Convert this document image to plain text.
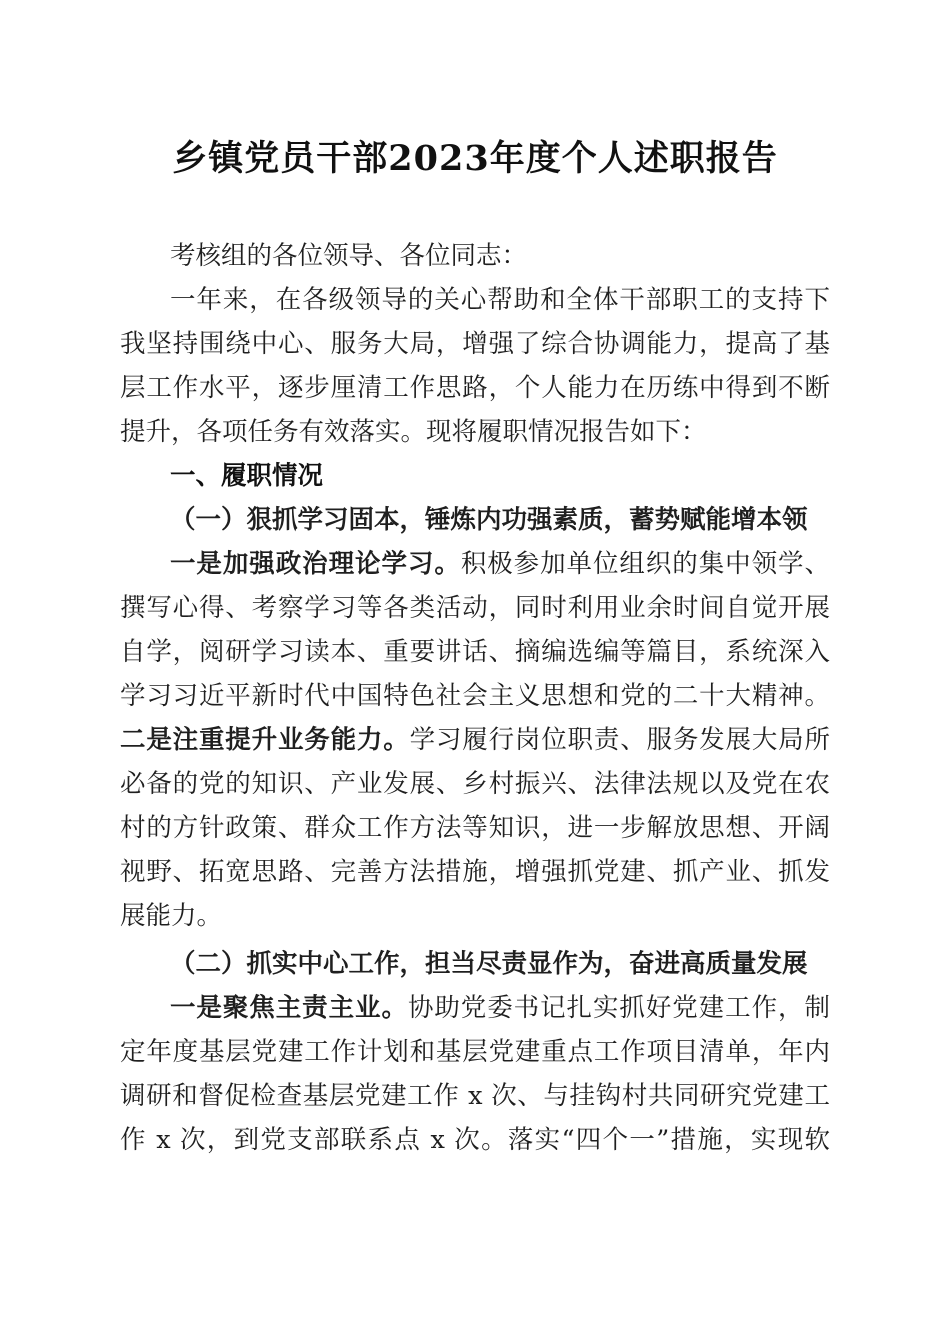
乡镇党员干部2023年度个人述职报告
考核组的各位领导、各位同志：
一年来，在各级领导的关心帮助和全体干部职工的支持下
我坚持围绕中心、服务大局，增强了综合协调能力，提高了基
层工作水平，逐步厘清工作思路，个人能力在历练中得到不断
提升，各项任务有效落实。现将履职情况报告如下：
一、履职情况
（一）狠抓学习固本，锤炼内功强素质，蓄势赋能增本领
一是加强政治理论学习。积极参加单位组织的集中领学、
撰写心得、考察学习等各类活动，同时利用业余时间自觉开展
自学，阅研学习读本、重要讲话、摘编选编等篇目，系统深入
学习习近平新时代中国特色社会主义思想和党的二十大精神。
二是注重提升业务能力。学习履行岗位职责、服务发展大局所
必备的党的知识、产业发展、乡村振兴、法律法规以及党在农
村的方针政策、群众工作方法等知识，进一步解放思想、开阔
视野、拓宽思路、完善方法措施，增强抓党建、抓产业、抓发
展能力。
（二）抓实中心工作，担当尽责显作为，奋进高质量发展
一是聚焦主责主业。协助党委书记扎实抓好党建工作，制
定年度基层党建工作计划和基层党建重点工作项目清单，年内
调研和督促检查基层党建工作 x 次、与挂钩村共同研究党建工
作 x 次，到党支部联系点 x 次。落实“四个一”措施，实现软
